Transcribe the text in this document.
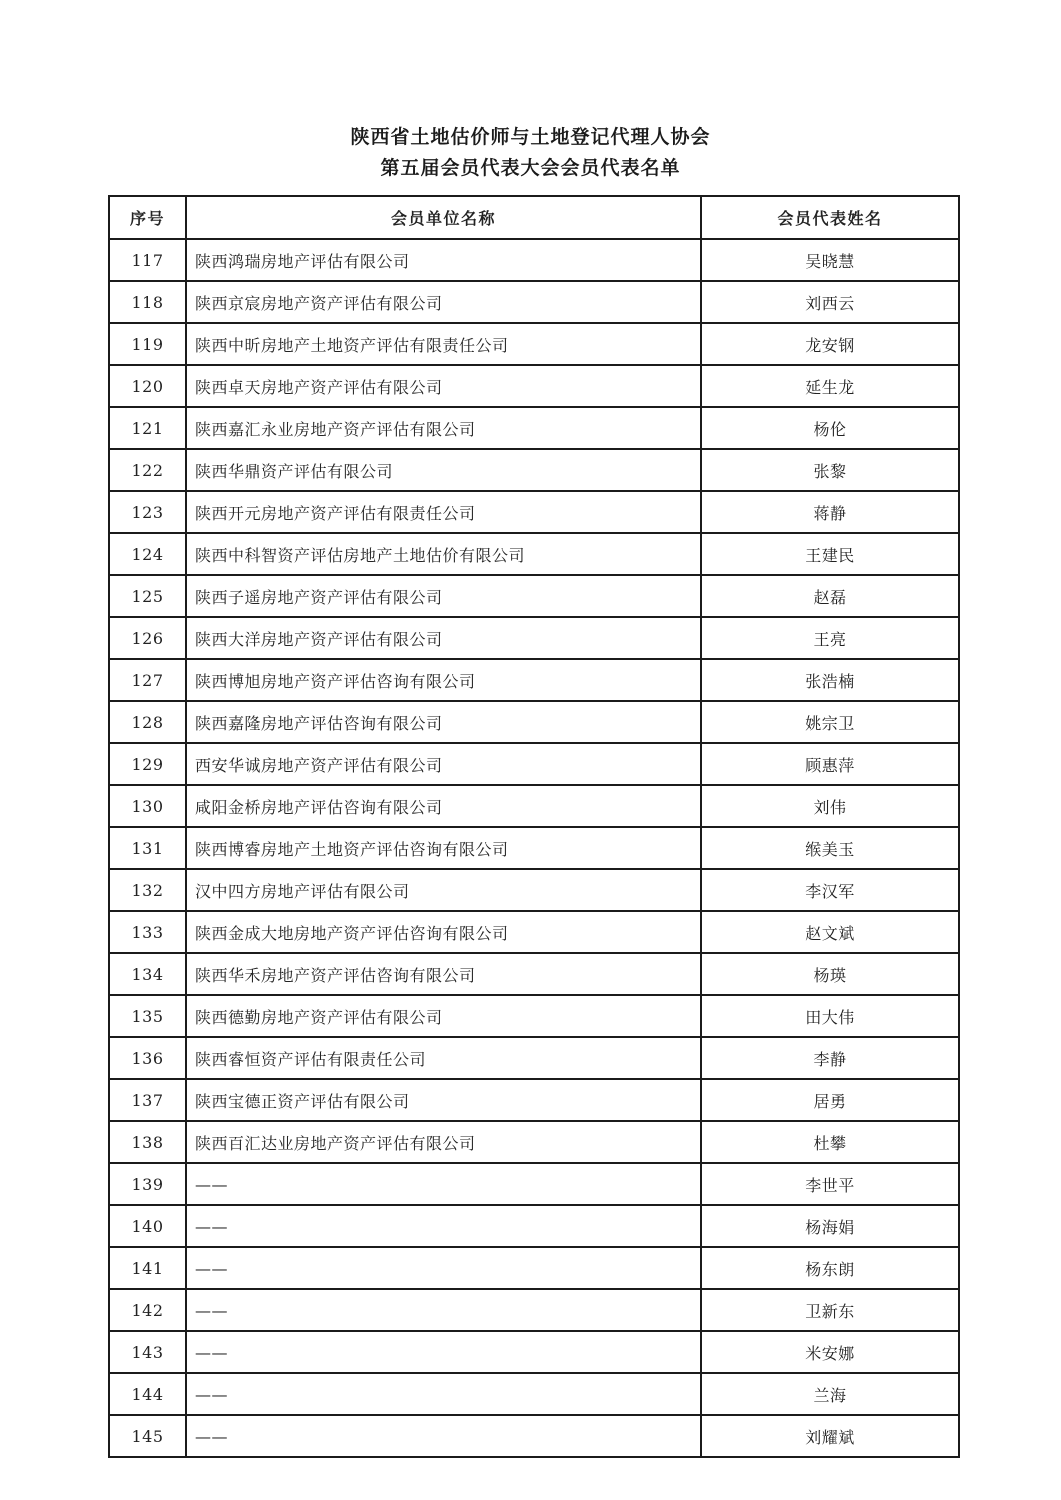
陕西省土地估价师与土地登记代理人协会
第五届会员代表大会会员代表名单
序号	会员单位名称	会员代表姓名
117	陕西鸿瑞房地产评估有限公司	吴晓慧
118	陕西京宸房地产资产评估有限公司	刘西云
119	陕西中昕房地产土地资产评估有限责任公司	龙安钢
120	陕西卓天房地产资产评估有限公司	延生龙
121	陕西嘉汇永业房地产资产评估有限公司	杨伦
122	陕西华鼎资产评估有限公司	张黎
123	陕西开元房地产资产评估有限责任公司	蒋静
124	陕西中科智资产评估房地产土地估价有限公司	王建民
125	陕西子遥房地产资产评估有限公司	赵磊
126	陕西大洋房地产资产评估有限公司	王亮
127	陕西博旭房地产资产评估咨询有限公司	张浩楠
128	陕西嘉隆房地产评估咨询有限公司	姚宗卫
129	西安华诚房地产资产评估有限公司	顾惠萍
130	咸阳金桥房地产评估咨询有限公司	刘伟
131	陕西博睿房地产土地资产评估咨询有限公司	缑美玉
132	汉中四方房地产评估有限公司	李汉军
133	陕西金成大地房地产资产评估咨询有限公司	赵文斌
134	陕西华禾房地产资产评估咨询有限公司	杨瑛
135	陕西德勤房地产资产评估有限公司	田大伟
136	陕西睿恒资产评估有限责任公司	李静
137	陕西宝德正资产评估有限公司	居勇
138	陕西百汇达业房地产资产评估有限公司	杜攀
139	——	李世平
140	——	杨海娟
141	——	杨东朗
142	——	卫新东
143	——	米安娜
144	——	兰海
145	——	刘耀斌
